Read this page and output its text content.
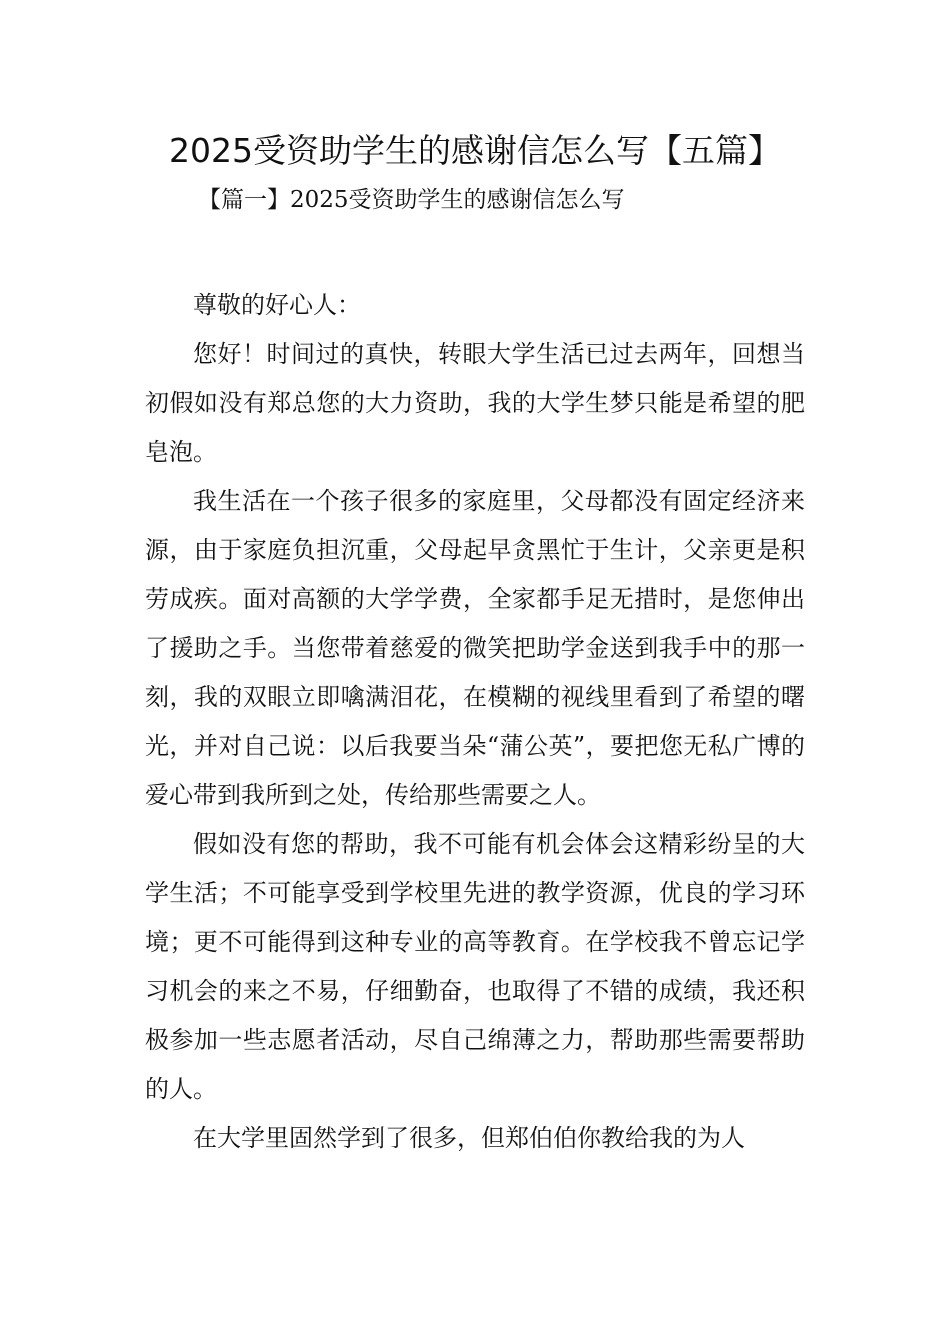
2025受资助学生的感谢信怎么写【五篇】
【篇一】2025受资助学生的感谢信怎么写

尊敬的好心人：

您好！时间过的真快，转眼大学生活已过去两年，回想当初假如没有郑总您的大力资助，我的大学生梦只能是希望的肥皂泡。

我生活在一个孩子很多的家庭里，父母都没有固定经济来源，由于家庭负担沉重，父母起早贪黑忙于生计，父亲更是积劳成疾。面对高额的大学学费，全家都手足无措时，是您伸出了援助之手。当您带着慈爱的微笑把助学金送到我手中的那一刻，我的双眼立即噙满泪花，在模糊的视线里看到了希望的曙光，并对自己说：以后我要当朵“蒲公英”，要把您无私广博的爱心带到我所到之处，传给那些需要之人。

假如没有您的帮助，我不可能有机会体会这精彩纷呈的大学生活；不可能享受到学校里先进的教学资源，优良的学习环境；更不可能得到这种专业的高等教育。在学校我不曾忘记学习机会的来之不易，仔细勤奋，也取得了不错的成绩，我还积极参加一些志愿者活动，尽自己绵薄之力，帮助那些需要帮助的人。

在大学里固然学到了很多，但郑伯伯你教给我的为人
